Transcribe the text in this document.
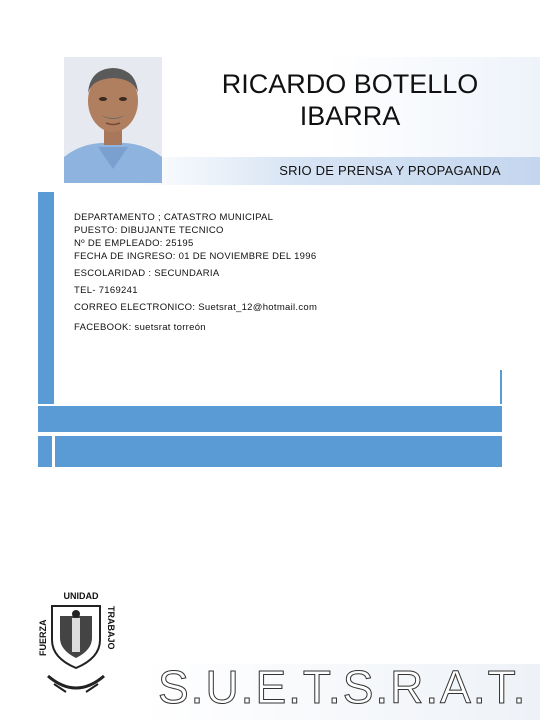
RICARDO BOTELLO
IBARRA
SRIO DE PRENSA Y PROPAGANDA
DEPARTAMENTO ; CATASTRO MUNICIPAL
PUESTO: DIBUJANTE TECNICO
Nº DE EMPLEADO: 25195
FECHA DE INGRESO: 01 DE NOVIEMBRE DEL 1996
ESCOLARIDAD : SECUNDARIA
TEL- 7169241
CORREO ELECTRONICO: Suetsrat_12@hotmail.com
FACEBOOK: suetsrat torreón
UNIDAD
FUERZA	TRABAJO
S.U.E.T.S.R.A.T.
